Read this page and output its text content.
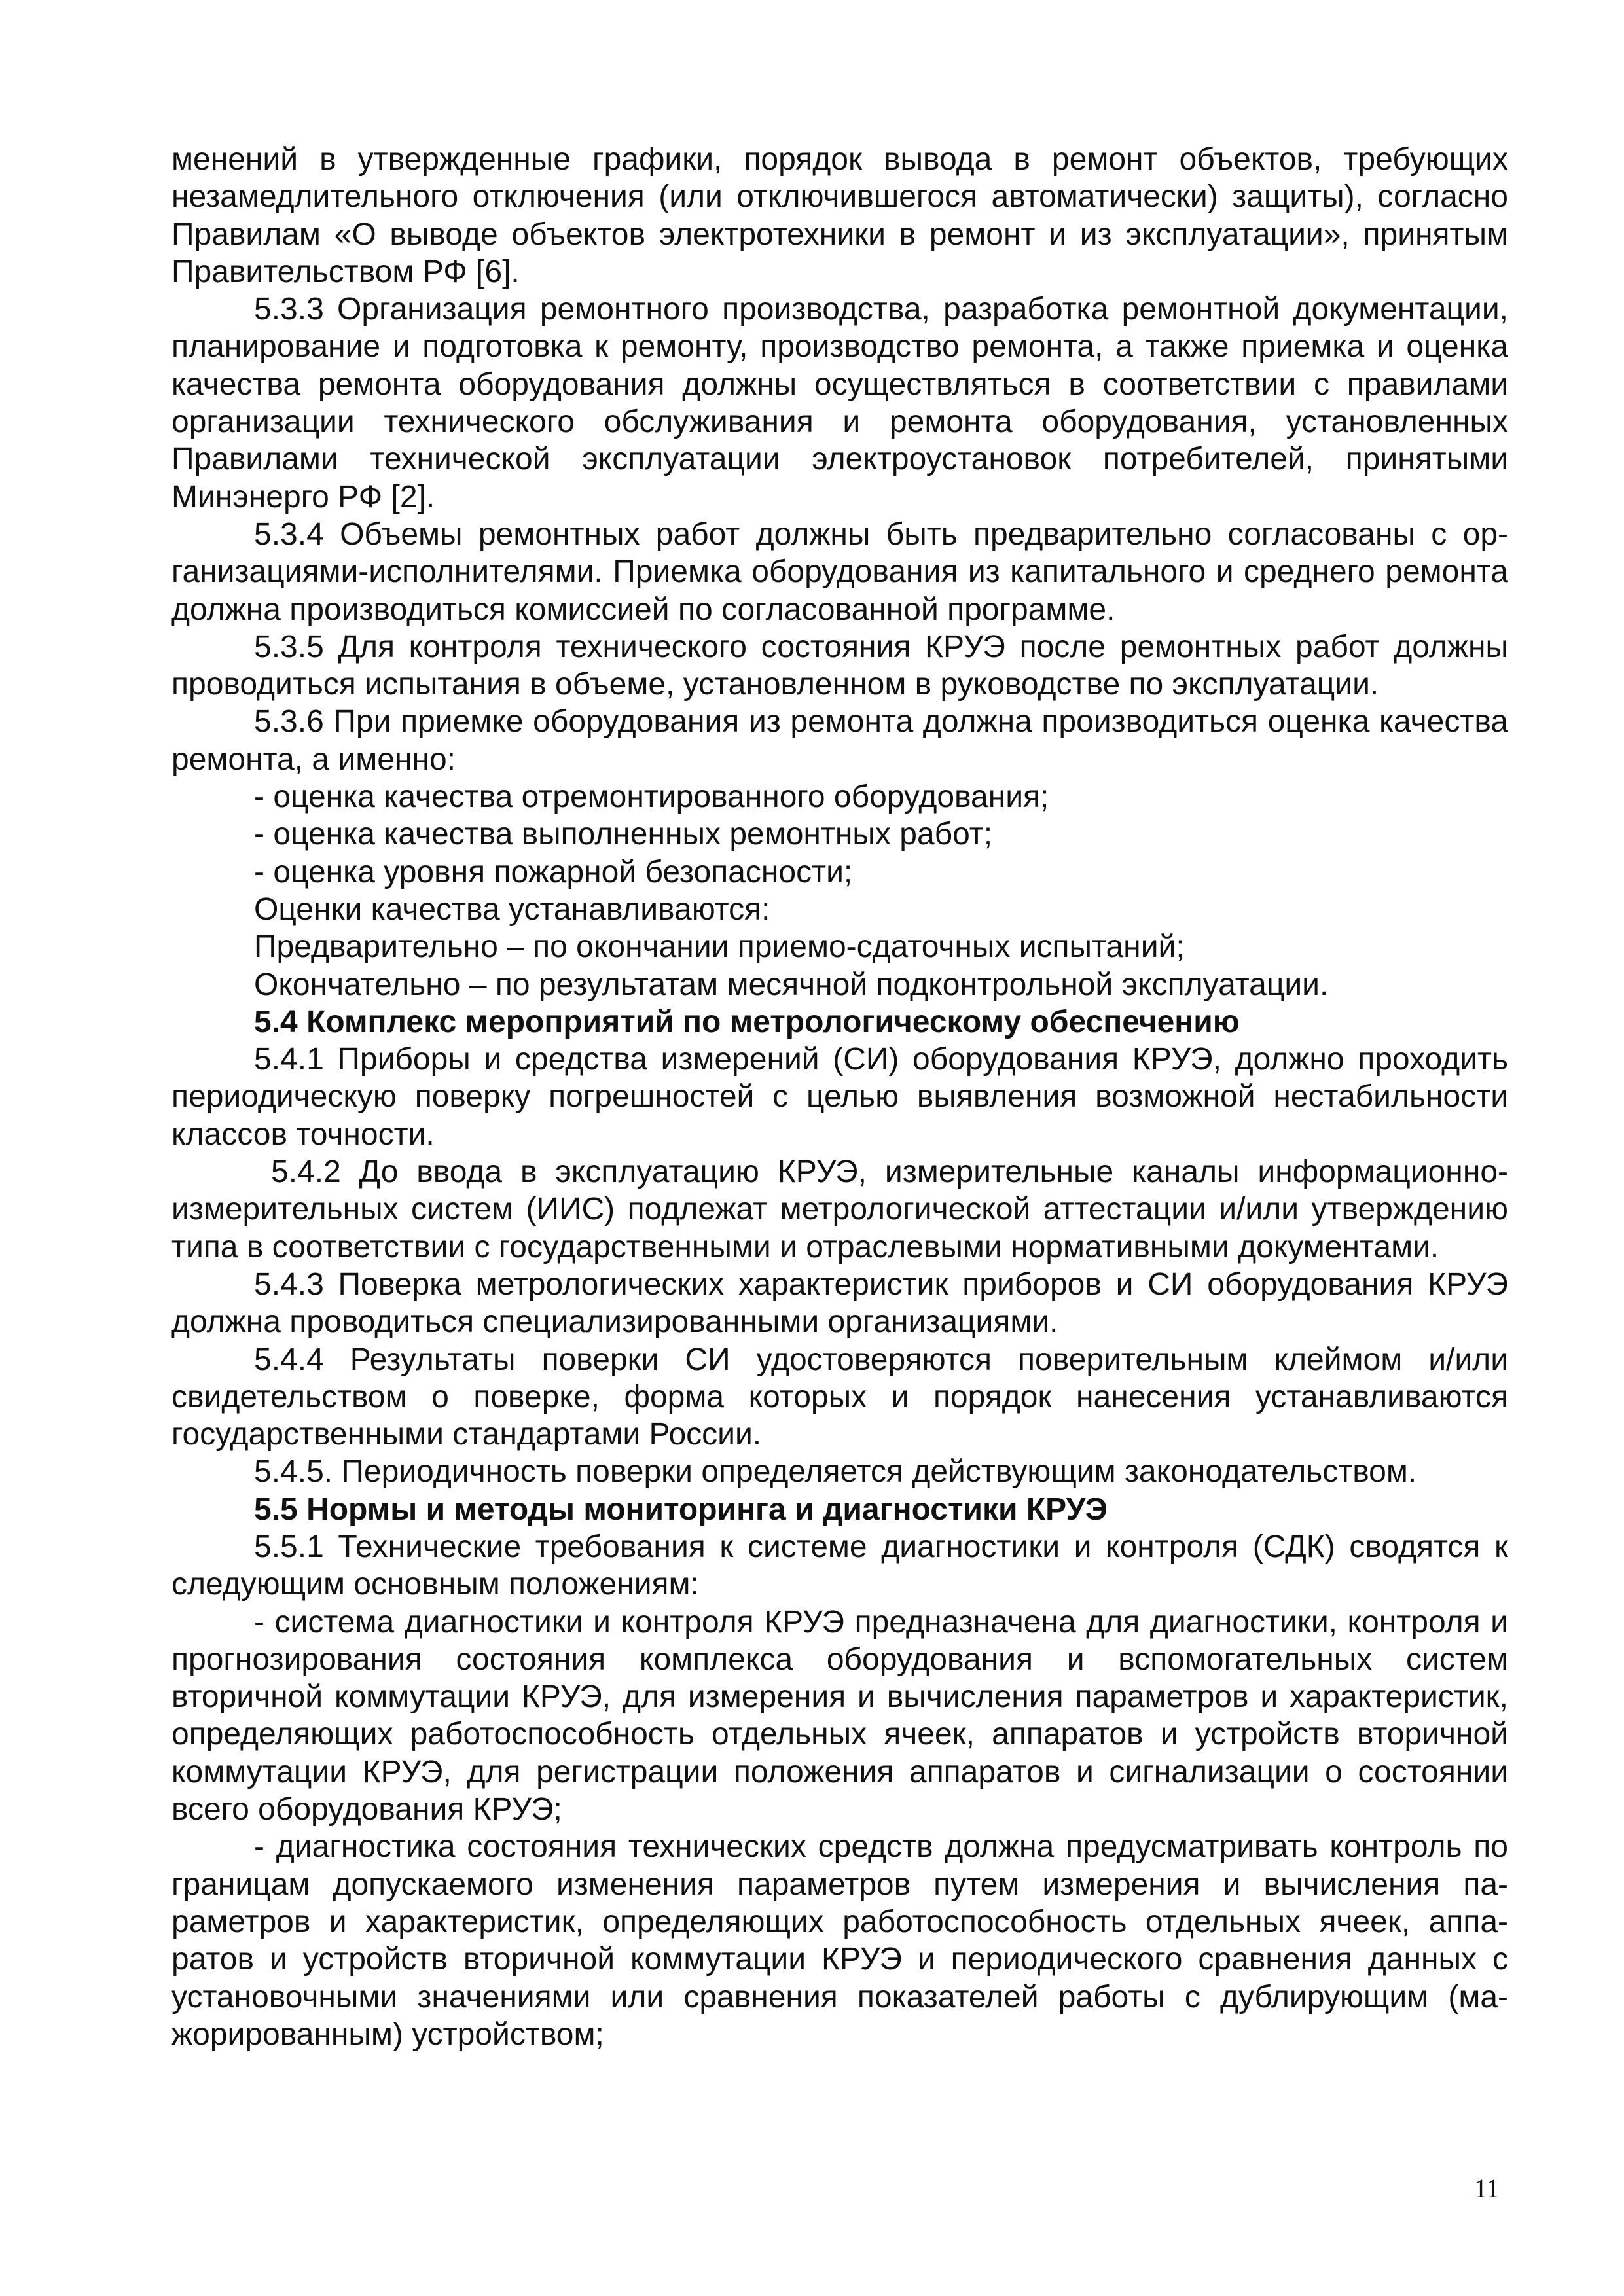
менений в утвержденные графики, порядок вывода в ремонт объектов, требующих незамедлительного отключения (или отключившегося автоматически) защиты), согласно Правилам «О выводе объектов электротехники в ремонт и из эксплуатации», принятым Правительством РФ [6].

5.3.3 Организация ремонтного производства, разработка ремонтной документации, планирование и подготовка к ремонту, производство ремонта, а также приемка и оценка качества ремонта оборудования должны осуществляться в соответствии с правилами организации технического обслуживания и ремонта оборудования, установленных Правилами технической эксплуатации электроустановок потребителей, принятыми Минэнерго РФ [2].

5.3.4 Объемы ремонтных работ должны быть предварительно согласованы с организациями-исполнителями. Приемка оборудования из капитального и среднего ремонта должна производиться комиссией по согласованной программе.

5.3.5 Для контроля технического состояния КРУЭ после ремонтных работ должны проводиться испытания в объеме, установленном в руководстве по эксплуатации.

5.3.6 При приемке оборудования из ремонта должна производиться оценка качества ремонта, а именно:

- оценка качества отремонтированного оборудования;

- оценка качества выполненных ремонтных работ;

- оценка уровня пожарной безопасности;

Оценки качества устанавливаются:

Предварительно – по окончании приемо-сдаточных испытаний;

Окончательно – по результатам месячной подконтрольной эксплуатации.

5.4 Комплекс мероприятий по метрологическому обеспечению

5.4.1 Приборы и средства измерений (СИ) оборудования КРУЭ, должно проходить периодическую поверку погрешностей с целью выявления возможной нестабильности классов точности.

5.4.2 До ввода в эксплуатацию КРУЭ, измерительные каналы информационно-измерительных систем (ИИС) подлежат метрологической аттестации и/или утверждению типа в соответствии с государственными и отраслевыми нормативными документами.

5.4.3 Поверка метрологических характеристик приборов и СИ оборудования КРУЭ должна проводиться специализированными организациями.

5.4.4 Результаты поверки СИ удостоверяются поверительным клеймом и/или свидетельством о поверке, форма которых и порядок нанесения устанавливаются государственными стандартами России.

5.4.5. Периодичность поверки определяется действующим законодательством.

5.5 Нормы и методы мониторинга и диагностики КРУЭ

5.5.1 Технические требования к системе диагностики и контроля (СДК) сводятся к следующим основным положениям:

- система диагностики и контроля КРУЭ предназначена для диагностики, контроля и прогнозирования состояния комплекса оборудования и вспомогательных систем вторичной коммутации КРУЭ, для измерения и вычисления параметров и характеристик, определяющих работоспособность отдельных ячеек, аппаратов и устройств вторичной коммутации КРУЭ, для регистрации положения аппаратов и сигнализации о состоянии всего оборудования КРУЭ;

- диагностика состояния технических средств должна предусматривать контроль по границам допускаемого изменения параметров путем измерения и вычисления параметров и характеристик, определяющих работоспособность отдельных ячеек, аппаратов и устройств вторичной коммутации КРУЭ и периодического сравнения данных с установочными значениями или сравнения показателей работы с дублирующим (мажорированным) устройством;

11
